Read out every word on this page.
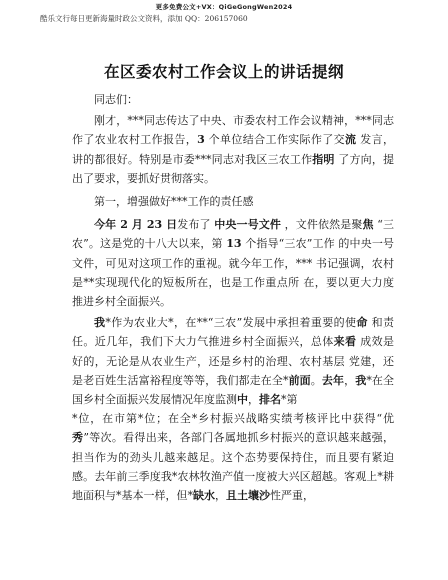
更多免费公文+VX：QiGeGongWen2024
酷乐文行每日更新海量时政公文资料，添加 QQ：206157060
在区委农村工作会议上的讲话提纲

同志们：

刚才，***同志传达了中央、市委农村工作会议精神，***同志作了农业农村工作报告，3 个单位结合工作实际作了交流 发言，讲的都很好。特别是市委***同志对我区三农工作指明 了方向，提出了要求，要抓好贯彻落实。

第一，增强做好***工作的责任感

今年 2 月 23 日发布了 中央一号文件 ，文件依然是聚焦 “三农”。这是党的十八大以来，第 13 个指导“三农”工作 的中央一号文件，可见对这项工作的重视。就今年工作，*** 书记强调，农村是**实现现代化的短板所在，也是工作重点所 在，要以更大力度推进乡村全面振兴。

我*作为农业大*，在**“三农”发展中承担着重要的使命 和责任。近几年，我们下大力气推进乡村全面振兴，总体来看 成效是好的，无论是从农业生产，还是乡村的治理、农村基层 党建，还是老百姓生活富裕程度等等，我们都走在全*前面。去年，我*在全国乡村全面振兴发展情况年度监测中，排名*第

*位，在市第*位；在全*乡村振兴战略实绩考核评比中获得“优秀”等次。看得出来，各部门各属地抓乡村振兴的意识越来越强，担当作为的劲头儿越来越足。这个态势要保持住，而且要有紧迫感。去年前三季度我*农林牧渔产值一度被大兴区超越。客观上*耕地面积与*基本一样，但*缺水，且土壤沙性严重，
